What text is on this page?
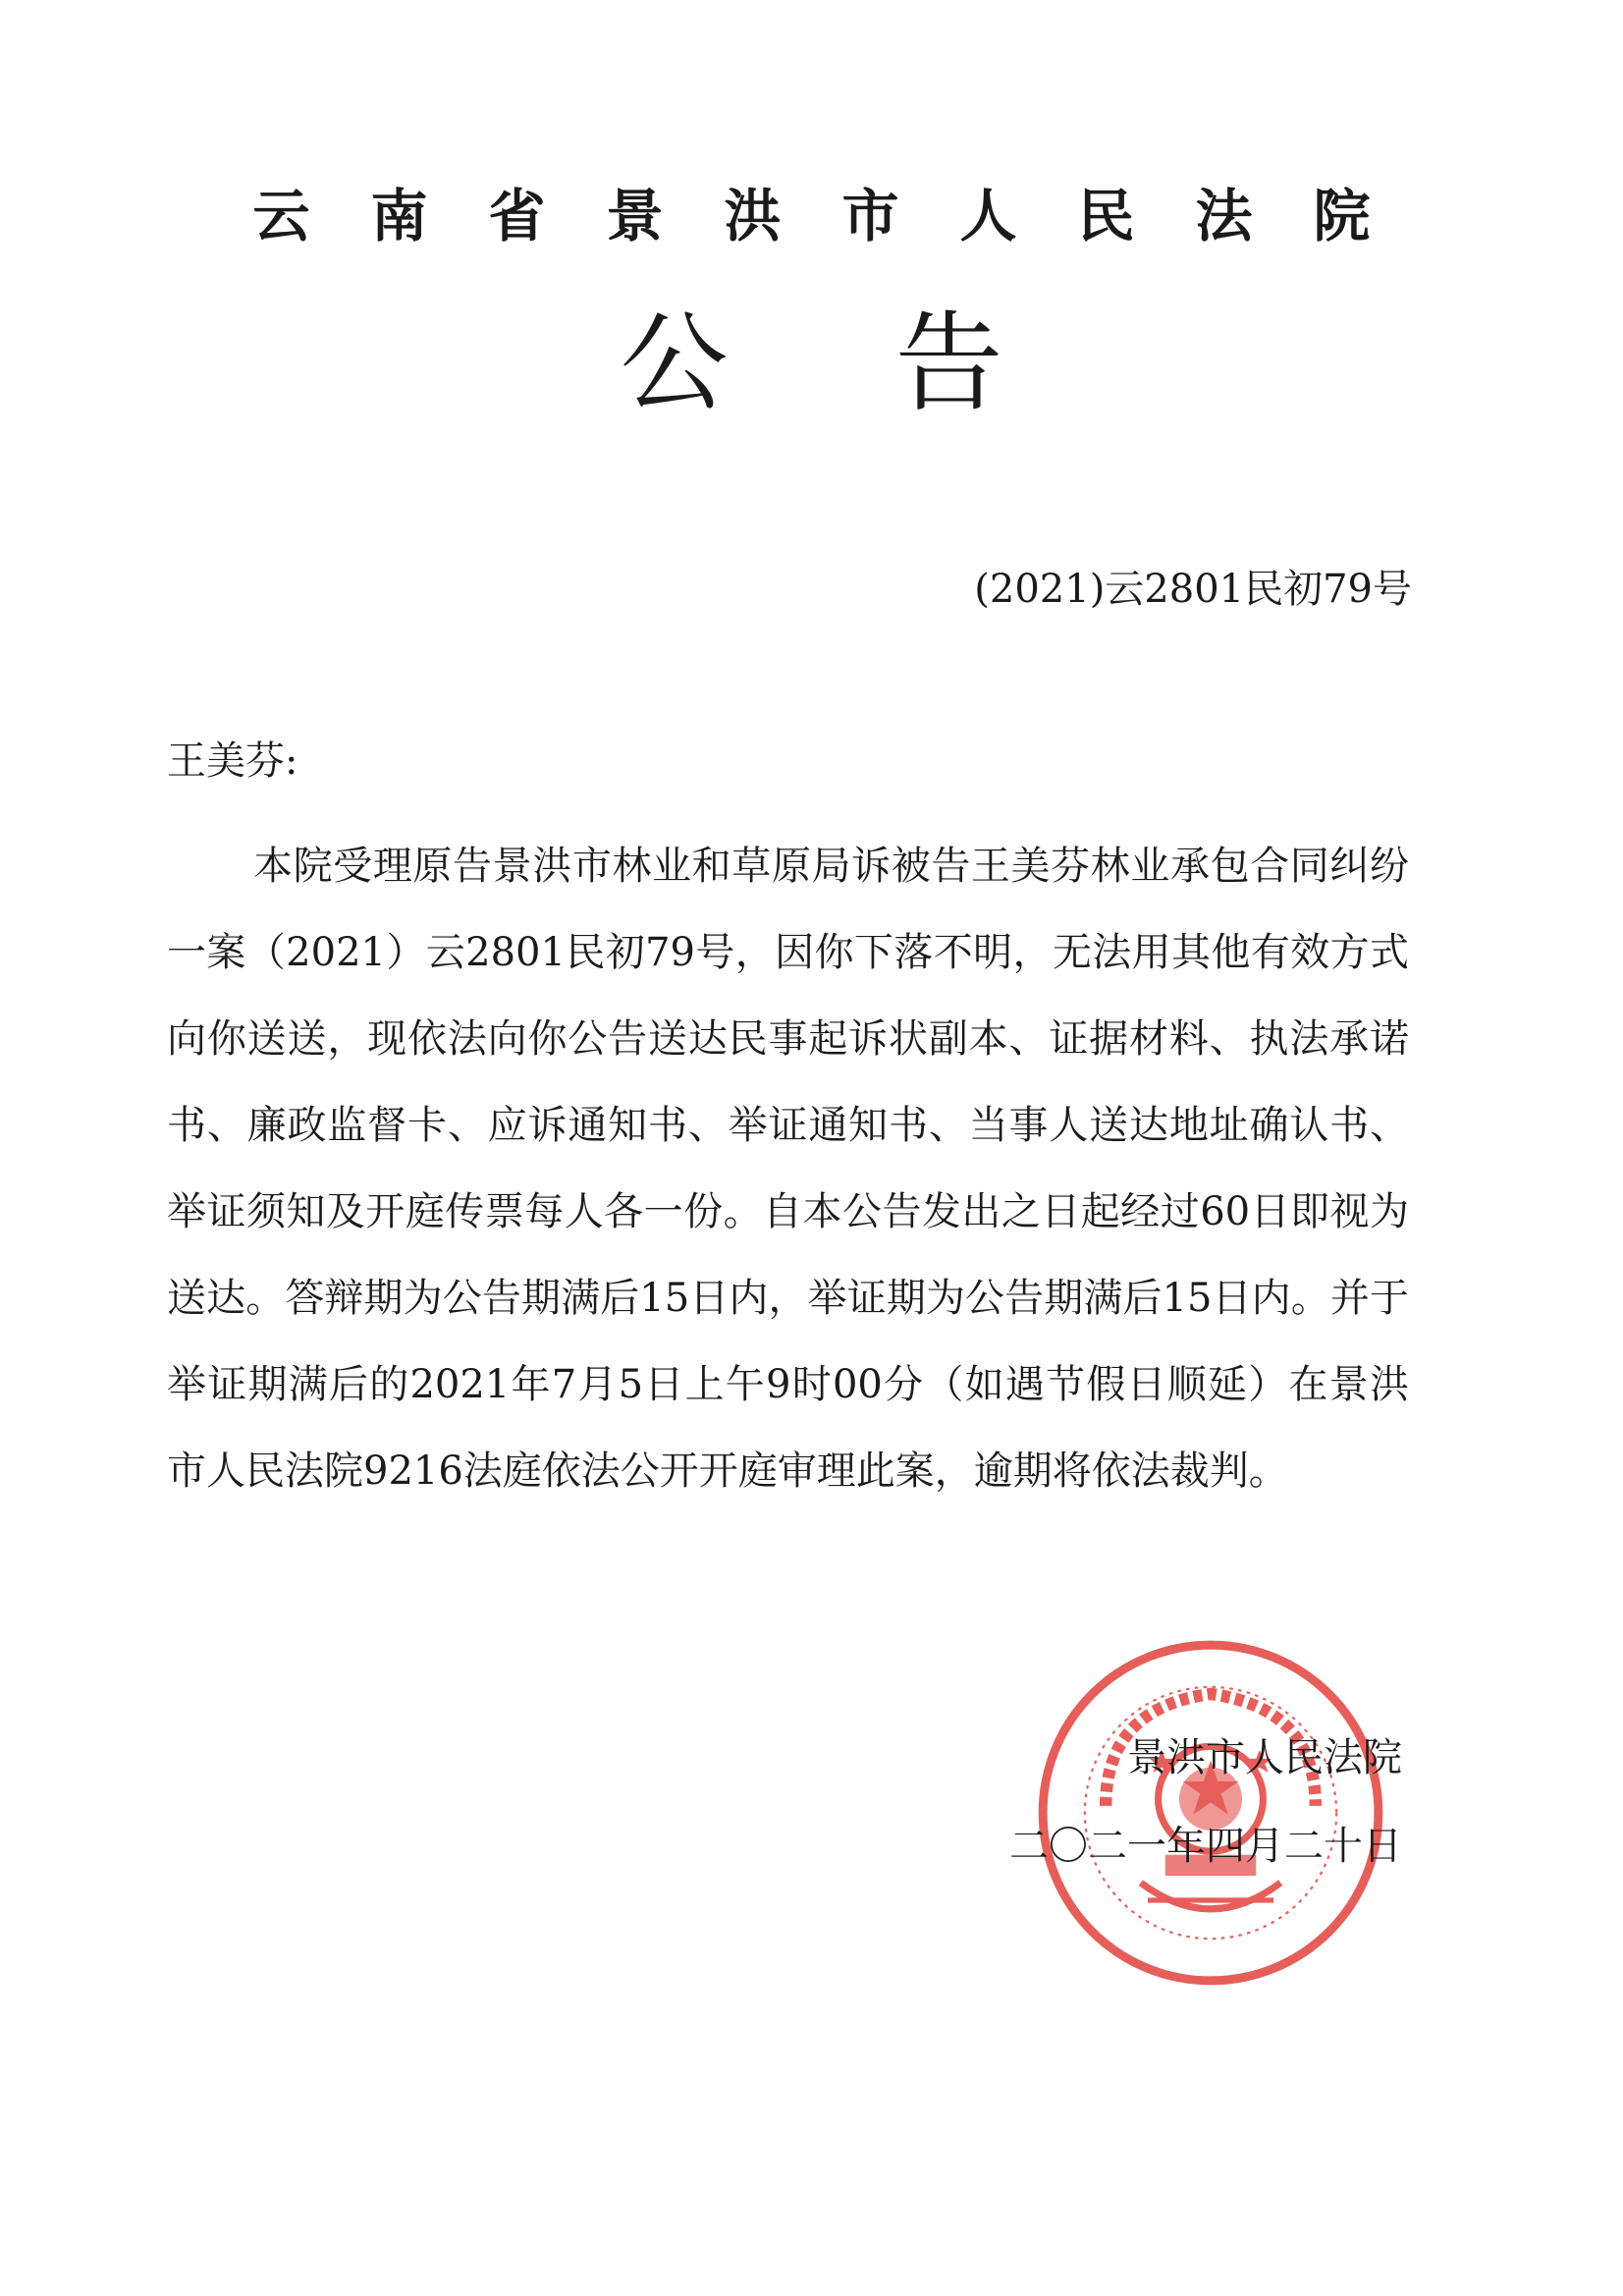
云南省景洪市人民法院
公告
(2021)云2801民初79号
王美芬:

本院受理原告景洪市林业和草原局诉被告王美芬林业承包合同纠纷一案（2021）云2801民初79号，因你下落不明，无法用其他有效方式向你送送，现依法向你公告送达民事起诉状副本、证据材料、执法承诺书、廉政监督卡、应诉通知书、举证通知书、当事人送达地址确认书、举证须知及开庭传票每人各一份。自本公告发出之日起经过60日即视为送达。答辩期为公告期满后15日内，举证期为公告期满后15日内。并于举证期满后的2021年7月5日上午9时00分（如遇节假日顺延）在景洪市人民法院9216法庭依法公开开庭审理此案，逾期将依法裁判。

景洪市人民法院
二〇二一年四月二十日
